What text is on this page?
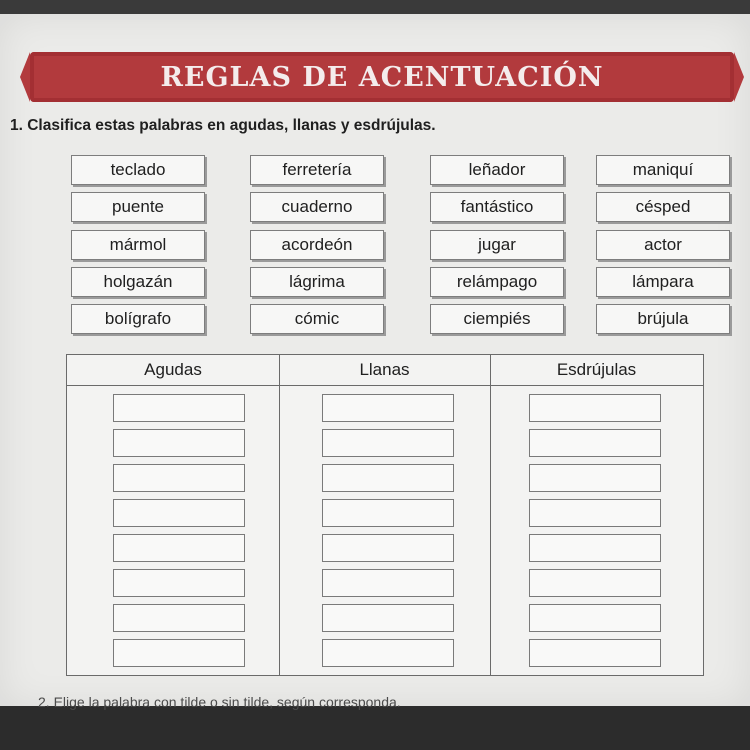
REGLAS DE ACENTUACIÓN
1. Clasifica estas palabras en agudas, llanas y esdrújulas.
teclado	ferretería	leñador	maniquí
puente	cuaderno	fantástico	césped
mármol	acordeón	jugar	actor
holgazán	lágrima	relámpago	lámpara
bolígrafo	cómic	ciempiés	brújula
Agudas	Llanas	Esdrújulas
2. Elige la palabra con tilde o sin tilde, según corresponda.
